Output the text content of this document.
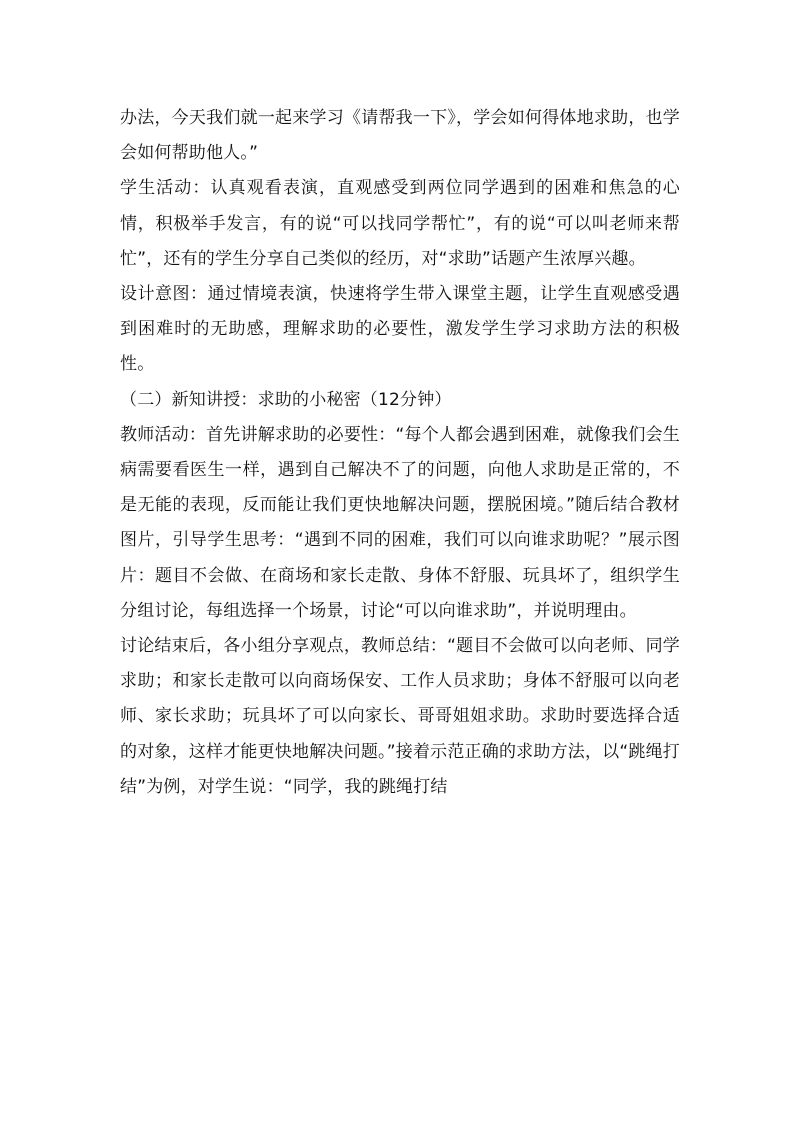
办法，今天我们就一起来学习《请帮我一下》，学会如何得体地求助，也学会如何帮助他人。”

学生活动：认真观看表演，直观感受到两位同学遇到的困难和焦急的心情，积极举手发言，有的说“可以找同学帮忙”，有的说“可以叫老师来帮忙”，还有的学生分享自己类似的经历，对“求助”话题产生浓厚兴趣。

设计意图：通过情境表演，快速将学生带入课堂主题，让学生直观感受遇到困难时的无助感，理解求助的必要性，激发学生学习求助方法的积极性。

（二）新知讲授：求助的小秘密（12分钟）

教师活动：首先讲解求助的必要性：“每个人都会遇到困难，就像我们会生病需要看医生一样，遇到自己解决不了的问题，向他人求助是正常的，不是无能的表现，反而能让我们更快地解决问题，摆脱困境。”随后结合教材图片，引导学生思考：“遇到不同的困难，我们可以向谁求助呢？”展示图片：题目不会做、在商场和家长走散、身体不舒服、玩具坏了，组织学生分组讨论，每组选择一个场景，讨论“可以向谁求助”，并说明理由。

讨论结束后，各小组分享观点，教师总结：“题目不会做可以向老师、同学求助；和家长走散可以向商场保安、工作人员求助；身体不舒服可以向老师、家长求助；玩具坏了可以向家长、哥哥姐姐求助。求助时要选择合适的对象，这样才能更快地解决问题。”接着示范正确的求助方法，以“跳绳打结”为例，对学生说：“同学，我的跳绳打结
